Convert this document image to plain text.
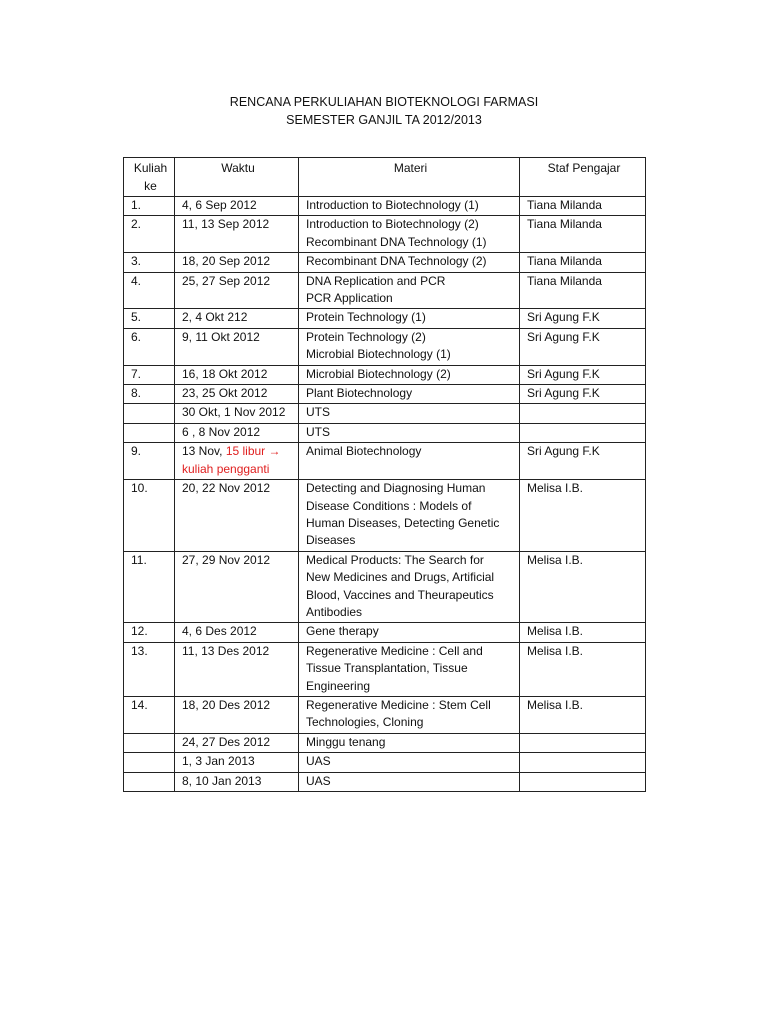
RENCANA PERKULIAHAN BIOTEKNOLOGI FARMASI
SEMESTER GANJIL TA 2012/2013
Kuliah
ke	Waktu	Materi	Staf Pengajar
1.	4, 6 Sep 2012	Introduction to Biotechnology (1)	Tiana Milanda
2.	11, 13 Sep 2012	Introduction to Biotechnology (2)
Recombinant DNA Technology (1)	Tiana Milanda
3.	18, 20 Sep 2012	Recombinant DNA Technology (2)	Tiana Milanda
4.	25, 27 Sep 2012	DNA Replication and PCR
PCR Application	Tiana Milanda
5.	2, 4 Okt 212	Protein Technology (1)	Sri Agung F.K
6.	9, 11 Okt 2012	Protein Technology (2)
Microbial Biotechnology (1)	Sri Agung F.K
7.	16, 18 Okt 2012	Microbial Biotechnology (2)	Sri Agung F.K
8.	23, 25 Okt 2012	Plant Biotechnology	Sri Agung F.K
	30 Okt, 1 Nov 2012	UTS	

	6 , 8 Nov 2012	UTS	

9.	13 Nov, 15 libur →
kuliah pengganti	Animal Biotechnology	Sri Agung F.K
10.	20, 22 Nov 2012	Detecting and Diagnosing Human
Disease Conditions : Models of
Human Diseases, Detecting Genetic
Diseases	Melisa I.B.
11.	27, 29 Nov 2012	Medical Products: The Search for
New Medicines and Drugs, Artificial
Blood, Vaccines and Theurapeutics
Antibodies	Melisa I.B.
12.	4, 6 Des 2012	Gene therapy	Melisa I.B.
13.	11, 13 Des 2012	Regenerative Medicine : Cell and
Tissue Transplantation, Tissue
Engineering	Melisa I.B.
14.	18, 20 Des 2012	Regenerative Medicine : Stem Cell
Technologies, Cloning	Melisa I.B.
	24, 27 Des 2012	Minggu tenang	

	1, 3 Jan 2013	UAS	

	8, 10 Jan 2013	UAS	
